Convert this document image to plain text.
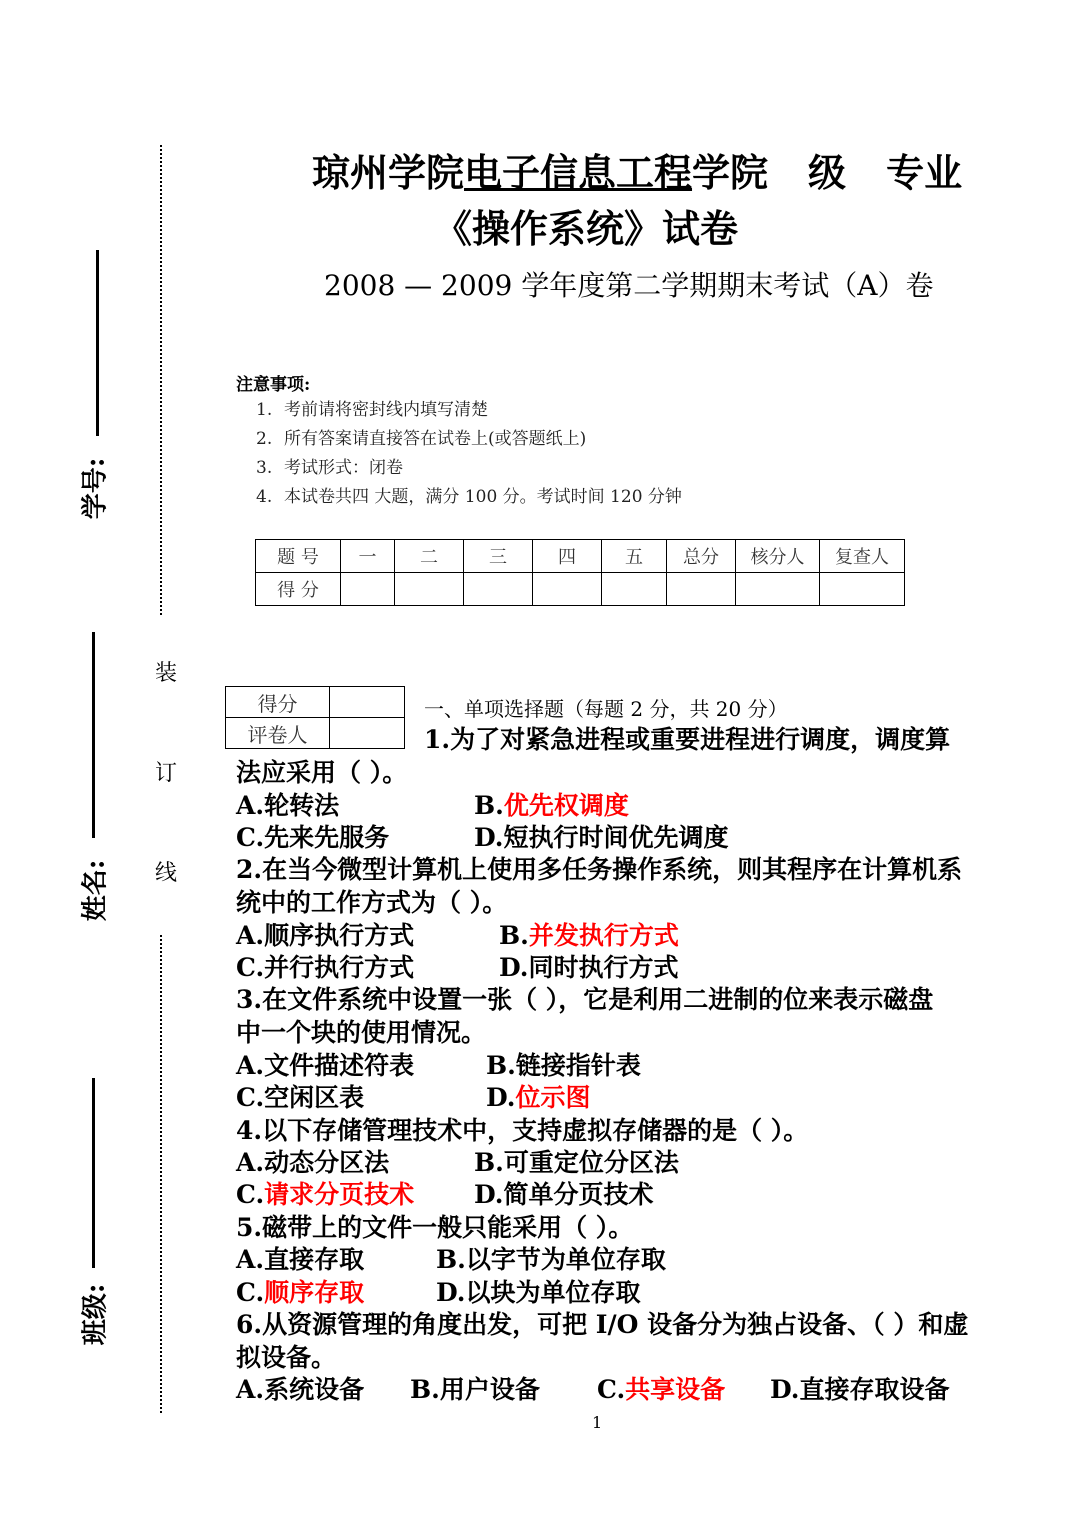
学号:
姓名:
班级:
装
订
线
琼州学院电子信息工程学院 级 专业
《操作系统》试卷
2008 — 2009 学年度第二学期期末考试（A）卷
注意事项:
1. 考前请将密封线内填写清楚
2. 所有答案请直接答在试卷上(或答题纸上)
3. 考试形式：闭卷
4. 本试卷共四 大题，满分 100 分。考试时间 120 分钟
题 号	一	二	三	四	五	总分	核分人	复查人
得 分								
得分	
评卷人	
一、单项选择题（每题 2 分，共 20 分）
1.为了对紧急进程或重要进程进行调度，调度算
法应采用（ ）。
A.轮转法	B.优先权调度
C.先来先服务	D.短执行时间优先调度
2.在当今微型计算机上使用多任务操作系统，则其程序在计算机系
统中的工作方式为（ ）。
A.顺序执行方式	B.并发执行方式
C.并行执行方式	D.同时执行方式
3.在文件系统中设置一张（ ），它是利用二进制的位来表示磁盘
中一个块的使用情况。
A.文件描述符表	B.链接指针表
C.空闲区表	D.位示图
4.以下存储管理技术中，支持虚拟存储器的是（ ）。
A.动态分区法	B.可重定位分区法
C.请求分页技术 D.简单分页技术
5.磁带上的文件一般只能采用（ ）。
A.直接存取	B.以字节为单位存取
C.顺序存取	D.以块为单位存取
6.从资源管理的角度出发，可把 I/O 设备分为独占设备、（ ）和虚
拟设备。
A.系统设备 B.用户设备 C.共享设备 D.直接存取设备
1
